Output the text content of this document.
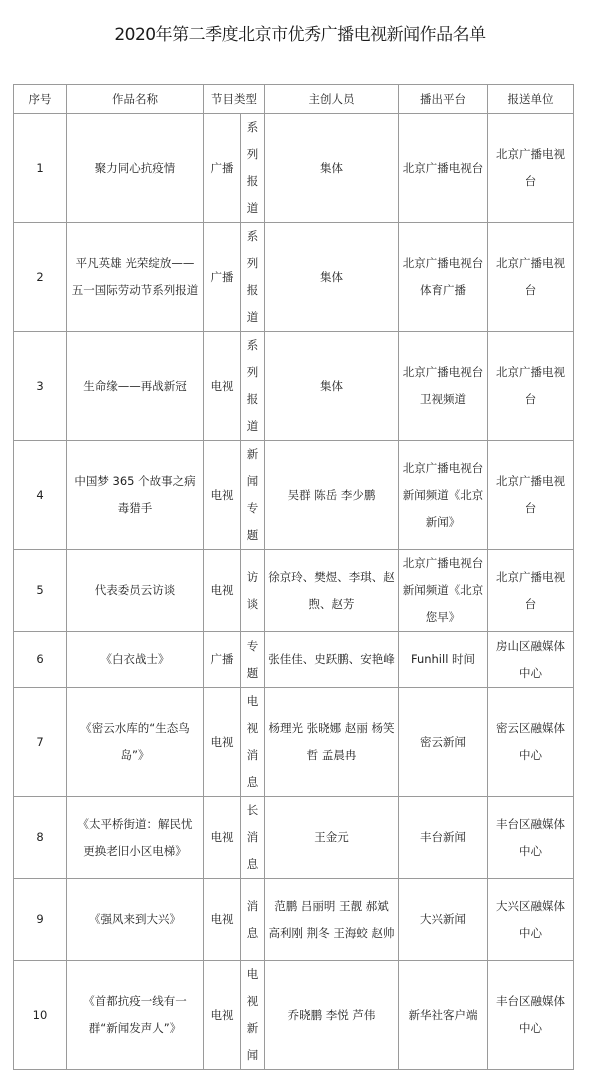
2020年第二季度北京市优秀广播电视新闻作品名单
序号	作品名称	节目类型		主创人员	播出平台	报送单位
1	聚力同心抗疫情	广播	系列报道	集体	北京广播电视台	北京广播电视台
2	平凡英雄 光荣绽放——五一国际劳动节系列报道	广播	系列报道	集体	北京广播电视台体育广播	北京广播电视台
3	生命缘——再战新冠	电视	系列报道	集体	北京广播电视台卫视频道	北京广播电视台
4	中国梦 365 个故事之病毒猎手	电视	新闻专题	吴群 陈岳 李少鹏	北京广播电视台新闻频道《北京新闻》	北京广播电视台
5	代表委员云访谈	电视	访谈	徐京玲、樊煜、李琪、赵煦、赵芳	北京广播电视台新闻频道《北京您早》	北京广播电视台
6	《白衣战士》	广播	专题	张佳佳、史跃鹏、安艳峰	Funhill 时间	房山区融媒体中心
7	《密云水库的“生态鸟岛”》	电视	电视消息	杨理光 张晓娜 赵丽 杨笑哲 孟晨冉	密云新闻	密云区融媒体中心
8	《太平桥街道：解民忧 更换老旧小区电梯》	电视	长消息	王金元	丰台新闻	丰台区融媒体中心
9	《强风来到大兴》	电视	消息	范鹏 吕丽明 王靓 郝斌 高利刚 荆冬 王海蛟 赵帅	大兴新闻	大兴区融媒体中心
10	《首都抗疫一线有一群“新闻发声人”》	电视	电视新闻	乔晓鹏 李悦 芦伟	新华社客户端	丰台区融媒体中心
